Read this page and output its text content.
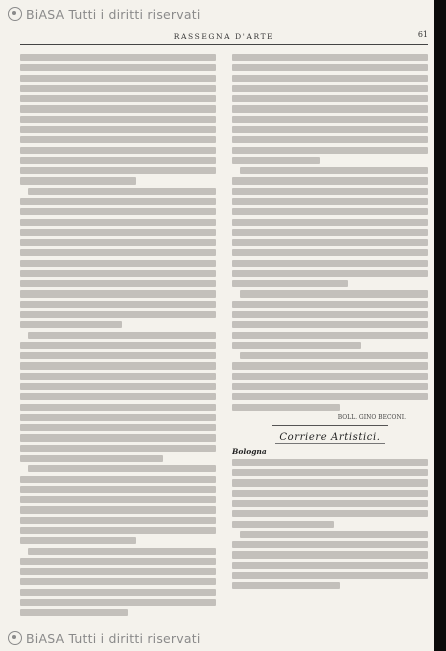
BiASA Tutti i diritti riservati
RASSEGNA D'ARTE	61
BOLL. GINO BECONI.
Corriere Artistici.
Bologna
BiASA Tutti i diritti riservati
